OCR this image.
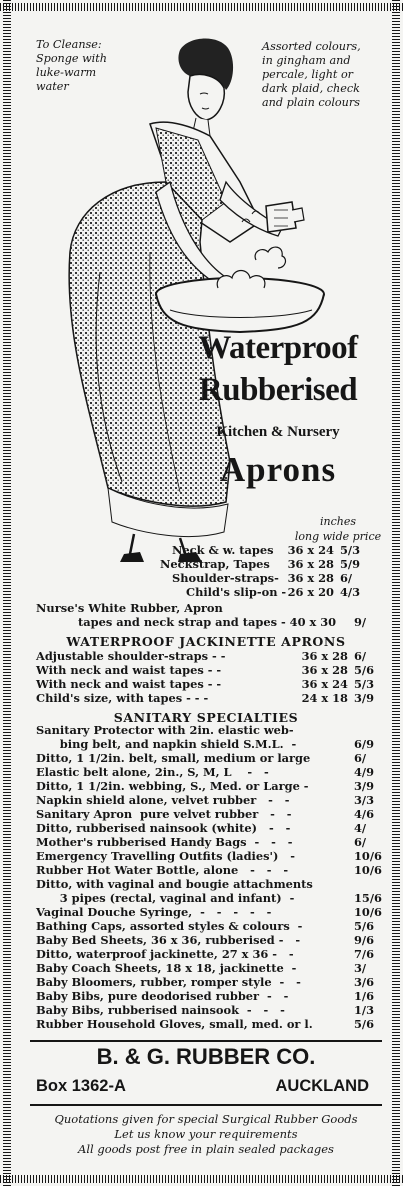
To Cleanse:
Sponge with
luke-warm
water
Assorted colours,
in gingham and
percale, light or
dark plaid, check
and plain colours
Waterproof
Rubberised
Kitchen & Nursery
Aprons
inches
long wide price
Neck & w. tapes	36 x 24 5/3
Neckstrap, Tapes	36 x 28 5/9
Shoulder-straps- 36 x 28 6/
Child's slip-on - 26 x 20 4/3
Nurse's White Rubber, Apron
tapes and neck strap and tapes - 40 x 30 9/
WATERPROOF JACKINETTE APRONS
Adjustable shoulder-straps - -	36 x 28 6/
With neck and waist tapes - -	36 x 28 5/6
With neck and waist tapes - -	36 x 24 5/3
Child's size, with tapes - - -	24 x 18 3/9
SANITARY SPECIALTIES
Sanitary Protector with 2in. elastic web-
bing belt, and napkin shield S.M.L.  -	6/9
Ditto, 1 1/2in. belt, small, medium or large	6/
Elastic belt alone, 2in., S, M, L    -   -	4/9
Ditto, 1 1/2in. webbing, S., Med. or Large -	3/9
Napkin shield alone, velvet rubber   -   -	3/3
Sanitary Apron  pure velvet rubber   -   -	4/6
Ditto, rubberised nainsook (white)   -   -	4/
Mother's rubberised Handy Bags  -   -   -	6/
Emergency Travelling Outfits (ladies')   -	10/6
Rubber Hot Water Bottle, alone   -   -   -	10/6
Ditto, with vaginal and bougie attachments
3 pipes (rectal, vaginal and infant)  -	15/6
Vaginal Douche Syringe,  -   -   -   -   -	10/6
Bathing Caps, assorted styles & colours  -	5/6
Baby Bed Sheets, 36 x 36, rubberised -   -	9/6
Ditto, waterproof jackinette, 27 x 36 -   -	7/6
Baby Coach Sheets, 18 x 18, jackinette  -	3/
Baby Bloomers, rubber, romper style  -   -	3/6
Baby Bibs, pure deodorised rubber  -   -	1/6
Baby Bibs, rubberised nainsook  -   -   -	1/3
Rubber Household Gloves, small, med. or l.	5/6
B. & G. RUBBER CO.
Box 1362-A	AUCKLAND
Quotations given for special Surgical Rubber Goods
Let us know your requirements
All goods post free in plain sealed packages
